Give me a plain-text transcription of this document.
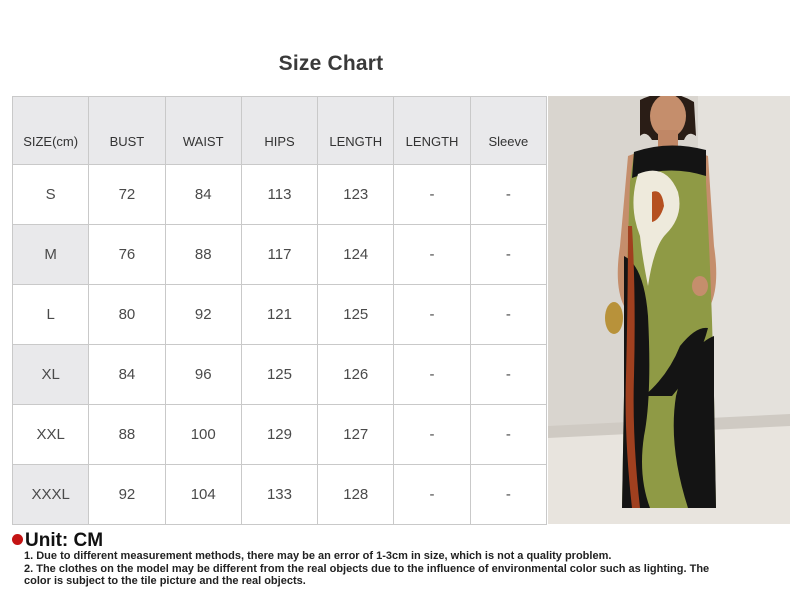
Size Chart
SIZE(cm)	BUST	WAIST	HIPS	LENGTH	LENGTH	Sleeve
S	72	84	113	123	-	-
M	76	88	117	124	-	-
L	80	92	121	125	-	-
XL	84	96	125	126	-	-
XXL	88	100	129	127	-	-
XXXL	92	104	133	128	-	-
Unit: CM
1. Due to different measurement methods, there may be an error of 1-3cm in size, which is not a quality problem.
2. The clothes on the model may be different from the real objects due to the influence of environmental color such as lighting. The color is subject to the tile picture and the real objects.
